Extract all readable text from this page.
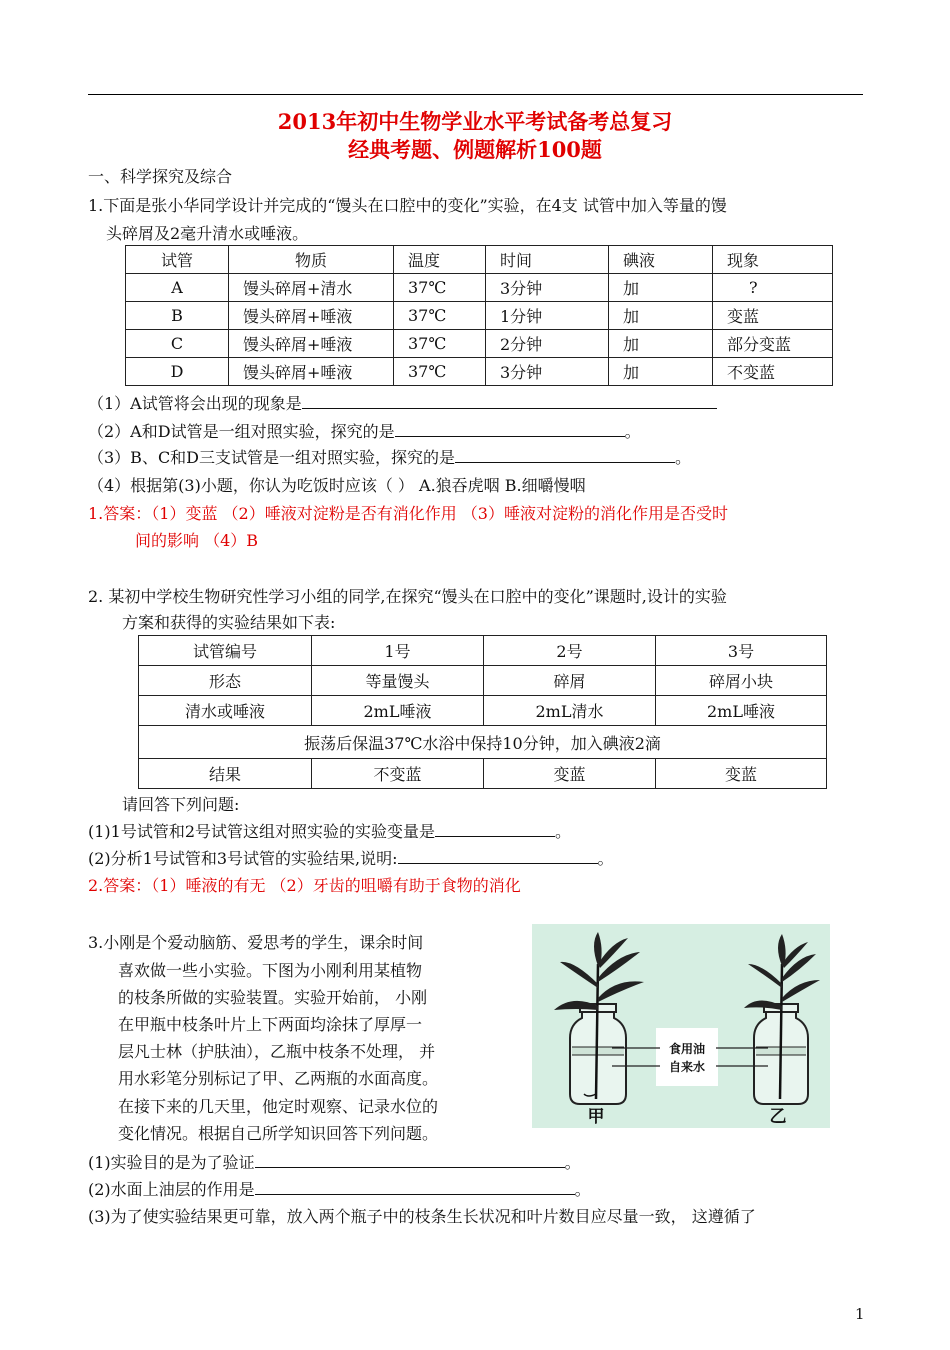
2013年初中生物学业水平考试备考总复习
经典考题、例题解析100题
一、科学探究及综合
1.下面是张小华同学设计并完成的“馒头在口腔中的变化”实验，在4支 试管中加入等量的馒
头碎屑及2毫升清水或唾液。
试管	物质	温度	时间	碘液	现象
A	馒头碎屑+清水	37℃	3分钟	加	?
B	馒头碎屑+唾液	37℃	1分钟	加	变蓝
C	馒头碎屑+唾液	37℃	2分钟	加	部分变蓝
D	馒头碎屑+唾液	37℃	3分钟	加	不变蓝
（1）A试管将会出现的现象是
（2）A和D试管是一组对照实验，探究的是	。
（3）B、C和D三支试管是一组对照实验，探究的是	。
（4）根据第(3)小题，你认为吃饭时应该（ ） A.狼吞虎咽 B.细嚼慢咽
1.答案：（1）变蓝 （2）唾液对淀粉是否有消化作用 （3）唾液对淀粉的消化作用是否受时
间的影响 （4）B
2. 某初中学校生物研究性学习小组的同学,在探究“馒头在口腔中的变化”课题时,设计的实验
方案和获得的实验结果如下表:
试管编号	1号	2号	3号
形态	等量馒头	碎屑	碎屑小块
清水或唾液	2mL唾液	2mL清水	2mL唾液
振荡后保温37℃水浴中保持10分钟，加入碘液2滴			
结果	不变蓝	变蓝	变蓝
请回答下列问题:
(1)1号试管和2号试管这组对照实验的实验变量是	。
(2)分析1号试管和3号试管的实验结果,说明:	。
2.答案：（1）唾液的有无 （2）牙齿的咀嚼有助于食物的消化
3.小刚是个爱动脑筋、爱思考的学生，课余时间
喜欢做一些小实验。下图为小刚利用某植物
的枝条所做的实验装置。实验开始前， 小刚
在甲瓶中枝条叶片上下两面均涂抹了厚厚一
层凡士林（护肤油），乙瓶中枝条不处理， 并
用水彩笔分别标记了甲、乙两瓶的水面高度。
在接下来的几天里，他定时观察、记录水位的
变化情况。根据自己所学知识回答下列问题。
食用油
自来水
甲	乙
(1)实验目的是为了验证	。
(2)水面上油层的作用是	。
(3)为了使实验结果更可靠，放入两个瓶子中的枝条生长状况和叶片数目应尽量一致， 这遵循了
1
